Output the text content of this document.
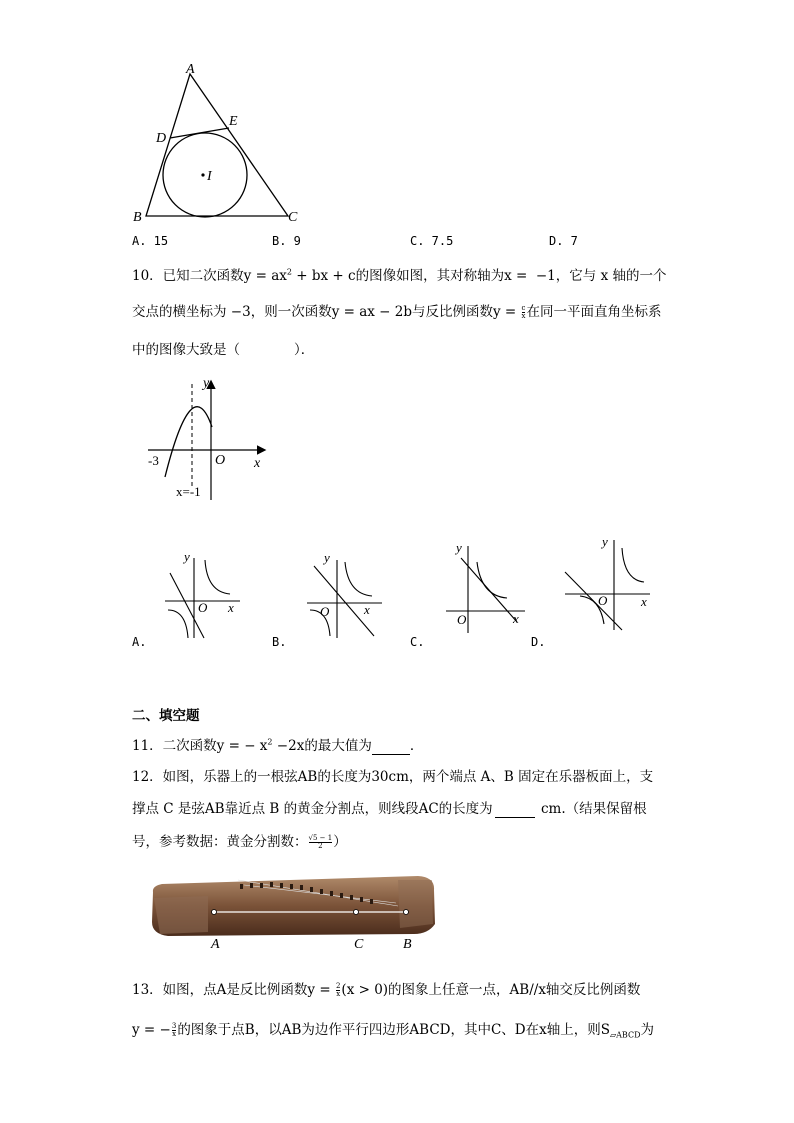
A
D
E
I
B	C
A. 15	B. 9	C. 7.5	D. 7
10．已知二次函数$y = ax^2$ + bx + c的图像如图，其对称轴为x =  −1，它与 x 轴的一个
交点的横坐标为 −3，则一次函数y = ax − 2b与反比例函数$y = \frac{c}{x}$ 在同一平面直角坐标系
中的图像大致是（　　　　）．
y
x
O
-3
x=-1
y
x
O
y
x
O
y
x
O
y
x
O
A.	B.	C.	D.
二、填空题
11．二次函数y = − $x^2 -2x$的最大值为	．
12．如图，乐器上的一根弦AB的长度为30cm，两个端点 A、B 固定在乐器板面上，支
撑点 C 是弦AB靠近点 B 的黄金分割点，则线段AC的长度为	cm.（结果保留根
号，参考数据：黄金分割数： $\frac{√5 - 1}{2}$ ）
A	C	B
13．如图，点A是反比例函数$y = \frac{2}{x} (x > 0)$的图象上任意一点，AB//x轴交反比例函数
y = − $\frac{3}{x}$ 的图象于点B，以AB为边作平行四边形ABCD，其中C、D在x轴上，则$S_{▱ABCD}$为
